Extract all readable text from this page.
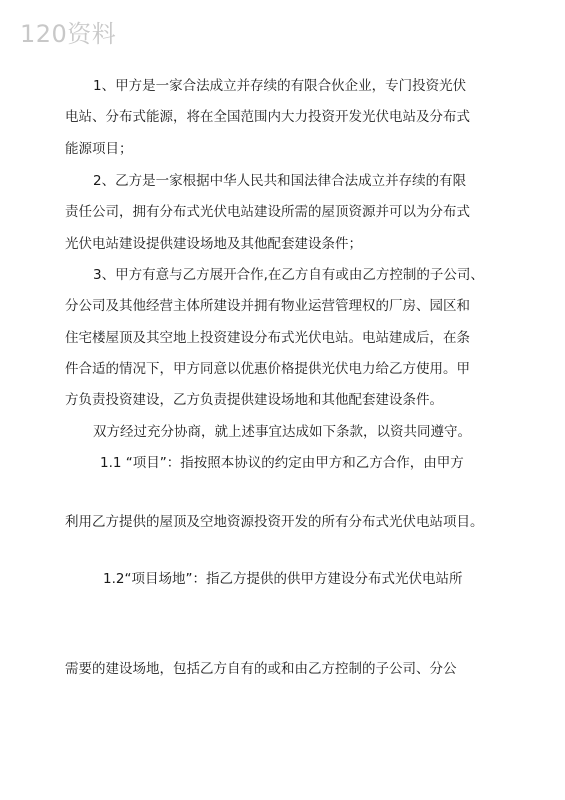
120资料
1、甲方是一家合法成立并存续的有限合伙企业，专门投资光伏
电站、分布式能源，将在全国范围内大力投资开发光伏电站及分布式
能源项目；
2、乙方是一家根据中华人民共和国法律合法成立并存续的有限
责任公司，拥有分布式光伏电站建设所需的屋顶资源并可以为分布式
光伏电站建设提供建设场地及其他配套建设条件；
3、甲方有意与乙方展开合作,在乙方自有或由乙方控制的子公司、
分公司及其他经营主体所建设并拥有物业运营管理权的厂房、园区和
住宅楼屋顶及其空地上投资建设分布式光伏电站。电站建成后，在条
件合适的情况下，甲方同意以优惠价格提供光伏电力给乙方使用。甲
方负责投资建设，乙方负责提供建设场地和其他配套建设条件。
双方经过充分协商，就上述事宜达成如下条款，以资共同遵守。
1.1 “项目”：指按照本协议的约定由甲方和乙方合作，由甲方
利用乙方提供的屋顶及空地资源投资开发的所有分布式光伏电站项目。
1.2“项目场地”：指乙方提供的供甲方建设分布式光伏电站所
需要的建设场地，包括乙方自有的或和由乙方控制的子公司、分公
